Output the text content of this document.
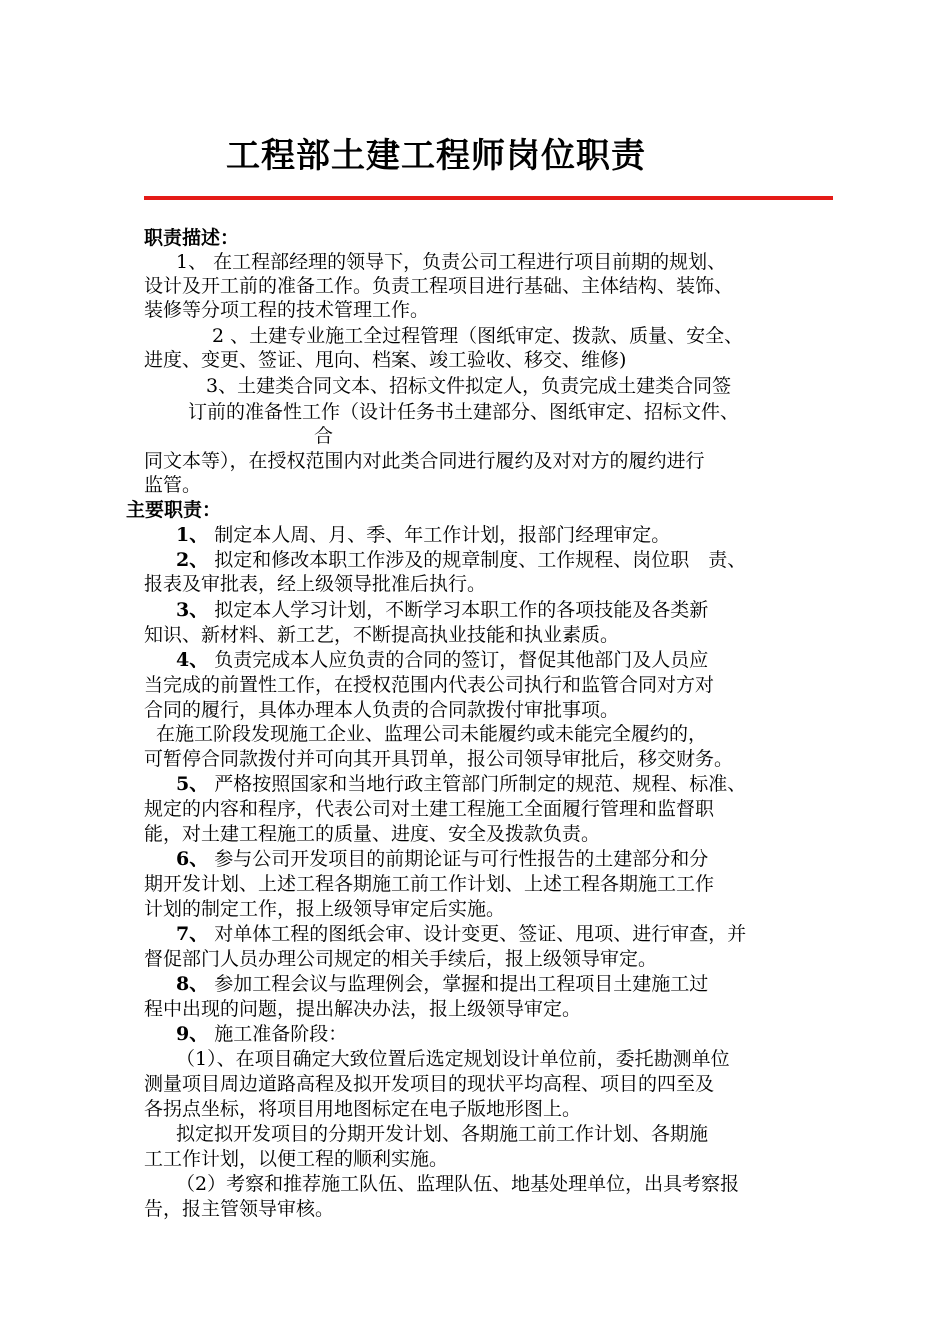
工程部土建工程师岗位职责
职责描述：
1、 在工程部经理的领导下，负责公司工程进行项目前期的规划、
设计及开工前的准备工作。负责工程项目进行基础、主体结构、装饰、
装修等分项工程的技术管理工作。
2 、土建专业施工全过程管理（图纸审定、拨款、质量、安全、
进度、变更、签证、甩向、档案、竣工验收、移交、维修)
3、土建类合同文本、招标文件拟定人，负责完成土建类合同签
订前的准备性工作（设计任务书土建部分、图纸审定、招标文件、
合
同文本等），在授权范围内对此类合同进行履约及对对方的履约进行
监管。
主要职责：
1、 制定本人周、月、季、年工作计划，报部门经理审定。
2、 拟定和修改本职工作涉及的规章制度、工作规程、岗位职　责、
报表及审批表，经上级领导批准后执行。
3、 拟定本人学习计划，不断学习本职工作的各项技能及各类新
知识、新材料、新工艺，不断提高执业技能和执业素质。
4、 负责完成本人应负责的合同的签订，督促其他部门及人员应
当完成的前置性工作，在授权范围内代表公司执行和监管合同对方对
合同的履行，具体办理本人负责的合同款拨付审批事项。
在施工阶段发现施工企业、监理公司未能履约或未能完全履约的，
可暂停合同款拨付并可向其开具罚单，报公司领导审批后，移交财务。
5、 严格按照国家和当地行政主管部门所制定的规范、规程、标准、
规定的内容和程序，代表公司对土建工程施工全面履行管理和监督职
能，对土建工程施工的质量、进度、安全及拨款负责。
6、 参与公司开发项目的前期论证与可行性报告的土建部分和分
期开发计划、上述工程各期施工前工作计划、上述工程各期施工工作
计划的制定工作，报上级领导审定后实施。
7、 对单体工程的图纸会审、设计变更、签证、甩项、进行审查，并
督促部门人员办理公司规定的相关手续后，报上级领导审定。
8、 参加工程会议与监理例会，掌握和提出工程项目土建施工过
程中出现的问题，提出解决办法，报上级领导审定。
9、 施工准备阶段：
（1）、在项目确定大致位置后选定规划设计单位前，委托勘测单位
测量项目周边道路高程及拟开发项目的现状平均高程、项目的四至及
各拐点坐标，将项目用地图标定在电子版地形图上。
拟定拟开发项目的分期开发计划、各期施工前工作计划、各期施
工工作计划，以便工程的顺利实施。
（2）考察和推荐施工队伍、监理队伍、地基处理单位，出具考察报
告，报主管领导审核。
